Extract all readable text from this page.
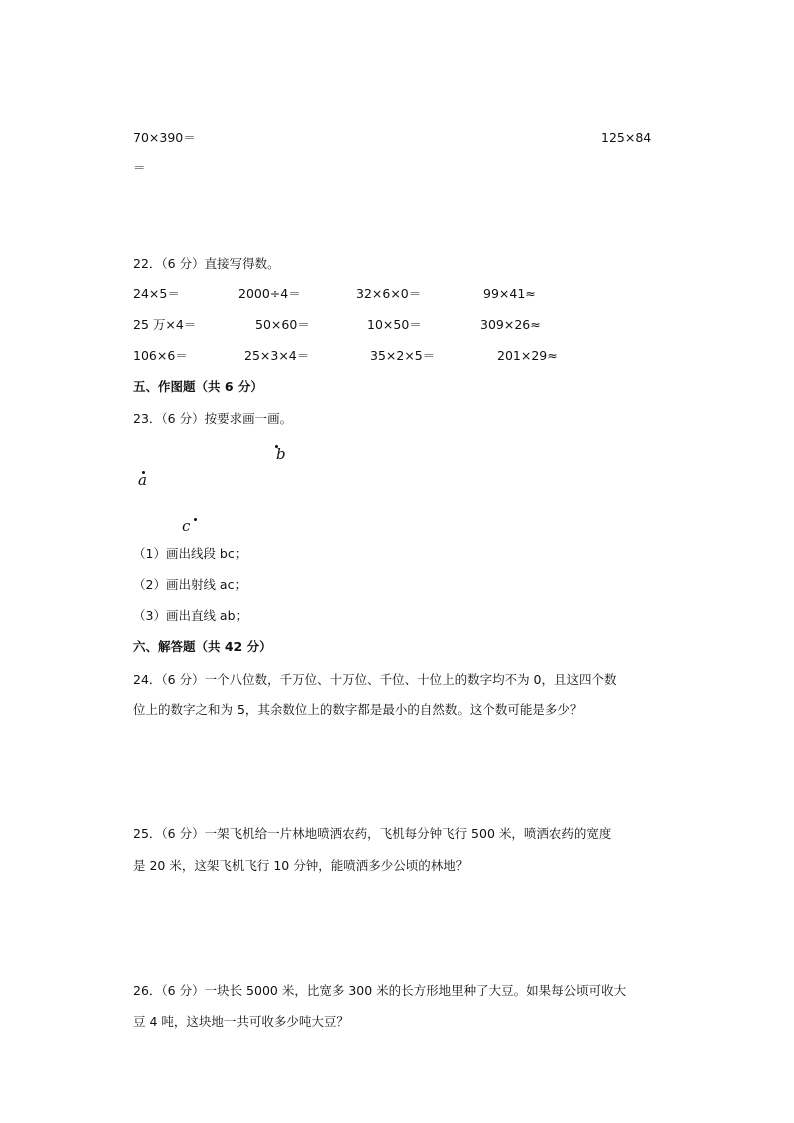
70×390＝	125×84
＝
22．（6 分）直接写得数。
24×5＝	2000÷4＝	32×6×0＝	99×41≈
25 万×4＝	50×60＝	10×50＝	309×26≈
106×6＝	25×3×4＝	35×2×5＝	201×29≈
五、作图题（共 6 分）
23．（6 分）按要求画一画。
b
a
c
（1）画出线段 bc；
（2）画出射线 ac；
（3）画出直线 ab；
六、解答题（共 42 分）
24．（6 分）一个八位数，千万位、十万位、千位、十位上的数字均不为 0，且这四个数
位上的数字之和为 5，其余数位上的数字都是最小的自然数。这个数可能是多少？
25．（6 分）一架飞机给一片林地喷洒农药，飞机每分钟飞行 500 米，喷洒农药的宽度
是 20 米，这架飞机飞行 10 分钟，能喷洒多少公顷的林地？
26．（6 分）一块长 5000 米，比宽多 300 米的长方形地里种了大豆。如果每公顷可收大
豆 4 吨，这块地一共可收多少吨大豆？
